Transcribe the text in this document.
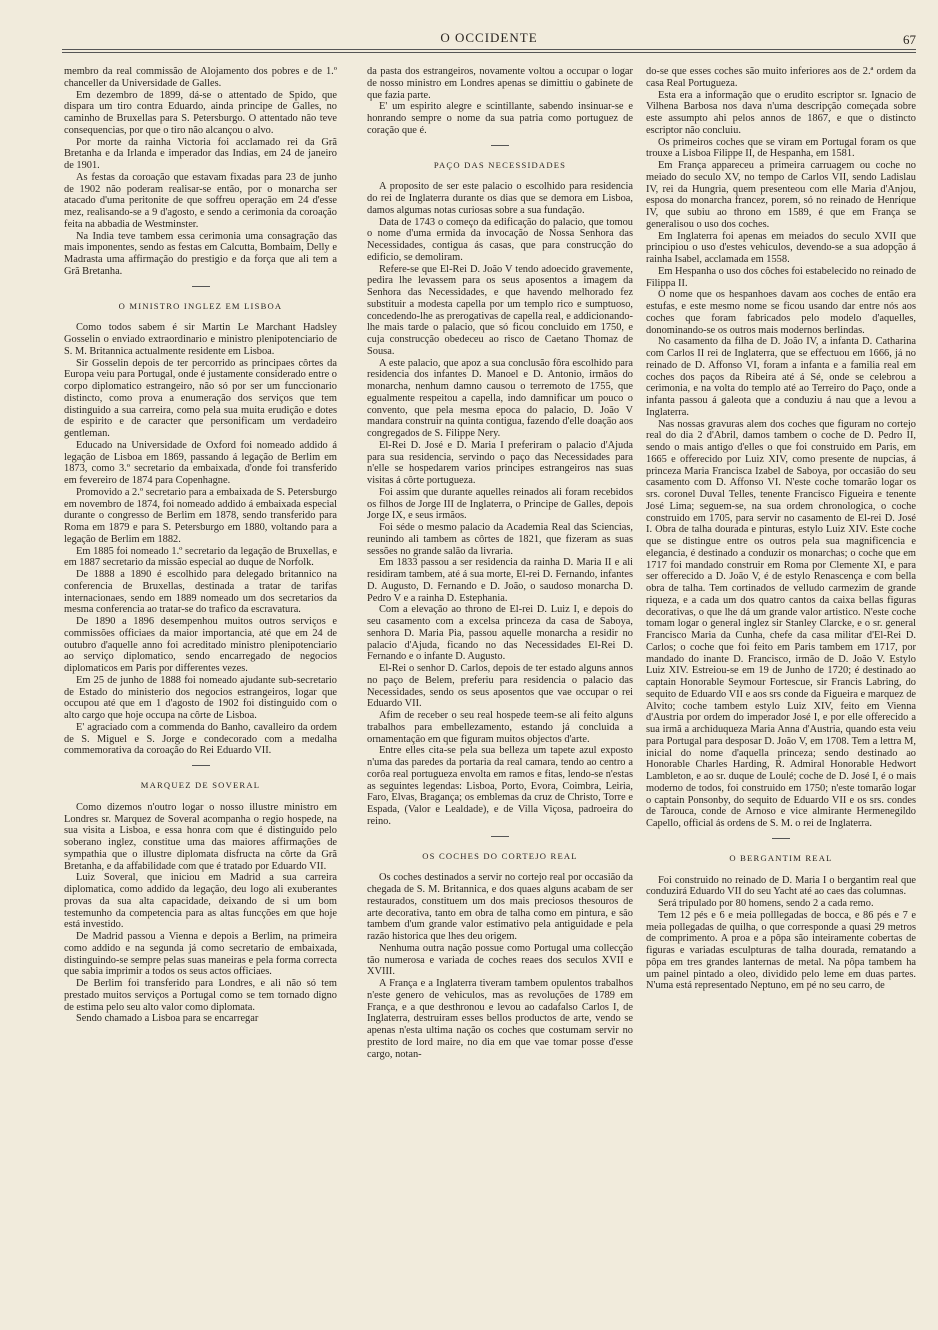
O OCCIDENTE	67

membro da real commissão de Alojamento dos pobres e de 1.º chanceller da Universidade de Galles.

Em dezembro de 1899, dá-se o attentado de Spido, que dispara um tiro contra Eduardo, ainda principe de Galles, no caminho de Bruxellas para S. Petersburgo. O attentado não teve consequencias, por que o tiro não alcançou o alvo.

Por morte da rainha Victoria foi acclamado rei da Grã Bretanha e da Irlanda e imperador das Indias, em 24 de janeiro de 1901.

As festas da coroação que estavam fixadas para 23 de junho de 1902 não poderam realisar-se então, por o monarcha ser atacado d'uma peritonite de que soffreu operação em 24 d'esse mez, realisando-se a 9 d'agosto, e sendo a cerimonia da coroação feita na abbadia de Westminster.

Na India teve tambem essa cerimonia uma consagração das mais imponentes, sendo as festas em Calcutta, Bombaim, Delly e Madrasta uma affirmação do prestigio e da força que ali tem a Grã Bretanha.

O MINISTRO INGLEZ EM LISBOA

Como todos sabem é sir Martin Le Marchant Hadsley Gosselin o enviado extraordinario e ministro plenipotenciario de S. M. Britannica actualmente residente em Lisboa.

Sir Gosselin depois de ter percorrido as principaes côrtes da Europa veiu para Portugal, onde é justamente considerado entre o corpo diplomatico estrangeiro, não só por ser um funccionario distincto, como prova a enumeração dos serviços que tem distinguido a sua carreira, como pela sua muita erudição e dotes de espirito e de caracter que personificam um verdadeiro gentleman.

Educado na Universidade de Oxford foi nomeado addido á legação de Lisboa em 1869, passando á legação de Berlim em 1873, como 3.º secretario da embaixada, d'onde foi transferido em fevereiro de 1874 para Copenhagne.

Promovido a 2.º secretario para a embaixada de S. Petersburgo em novembro de 1874, foi nomeado addido á embaixada especial durante o congresso de Berlim em 1878, sendo transferido para Roma em 1879 e para S. Petersburgo em 1880, voltando para a legação de Berlim em 1882.

Em 1885 foi nomeado 1.º secretario da legação de Bruxellas, e em 1887 secretario da missão especial ao duque de Norfolk.

De 1888 a 1890 é escolhido para delegado britannico na conferencia de Bruxellas, destinada a tratar de tarifas internacionaes, sendo em 1889 nomeado um dos secretarios da mesma conferencia ao tratar-se do trafico da escravatura.

De 1890 a 1896 desempenhou muitos outros serviços e commissões officiaes da maior importancia, até que em 24 de outubro d'aquelle anno foi acreditado ministro plenipotenciario ao serviço diplomatico, sendo encarregado de negocios diplomaticos em Paris por differentes vezes.

Em 25 de junho de 1888 foi nomeado ajudante sub-secretario de Estado do ministerio dos negocios estrangeiros, logar que occupou até que em 1 d'agosto de 1902 foi distinguido com o alto cargo que hoje occupa na côrte de Lisboa.

E' agraciado com a commenda do Banho, cavalleiro da ordem de S. Miguel e S. Jorge e condecorado com a medalha commemorativa da coroação do Rei Eduardo VII.

MARQUEZ DE SOVERAL

Como dizemos n'outro logar o nosso illustre ministro em Londres sr. Marquez de Soveral acompanha o regio hospede, na sua visita a Lisboa, e essa honra com que é distinguido pelo soberano inglez, constitue uma das maiores affirmações de sympathia que o illustre diplomata disfructa na côrte da Grã Bretanha, e da affabilidade com que é tratado por Eduardo VII.

Luiz Soveral, que iniciou em Madrid a sua carreira diplomatica, como addido da legação, deu logo ali exuberantes provas da sua alta capacidade, deixando de si um bom testemunho da competencia para as altas funcções em que hoje está investido.

De Madrid passou a Vienna e depois a Berlim, na primeira como addido e na segunda já como secretario de embaixada, distinguindo-se sempre pelas suas maneiras e pela forma correcta que sabia imprimir a todos os seus actos officiaes.

De Berlim foi transferido para Londres, e ali não só tem prestado muitos serviços a Portugal como se tem tornado digno de estima pelo seu alto valor como diplomata.

Sendo chamado a Lisboa para se encarregar

da pasta dos estrangeiros, novamente voltou a occupar o logar de nosso ministro em Londres apenas se dimittiu o gabinete de que fazia parte.

E' um espirito alegre e scintillante, sabendo insinuar-se e honrando sempre o nome da sua patria como portuguez de coração que é.

PAÇO DAS NECESSIDADES

A proposito de ser este palacio o escolhido para residencia do rei de Inglaterra durante os dias que se demora em Lisboa, damos algumas notas curiosas sobre a sua fundação.

Data de 1743 o começo da edificação do palacio, que tomou o nome d'uma ermida da invocação de Nossa Senhora das Necessidades, contigua ás casas, que para construcção do edificio, se demoliram.

Refere-se que El-Rei D. João V tendo adoecido gravemente, pedira lhe levassem para os seus aposentos a imagem da Senhora das Necessidades, e que havendo melhorado fez substituir a modesta capella por um templo rico e sumptuoso, concedendo-lhe as prerogativas de capella real, e addicionando-lhe mais tarde o palacio, que só ficou concluido em 1750, e cuja construcção obedeceu ao risco de Caetano Thomaz de Sousa.

A este palacio, que apoz a sua conclusão fôra escolhido para residencia dos infantes D. Manoel e D. Antonio, irmãos do monarcha, nenhum damno causou o terremoto de 1755, que egualmente respeitou a capella, indo damnificar um pouco o convento, que pela mesma epoca do palacio, D. João V mandara construir na quinta contigua, fazendo d'elle doação aos congregados de S. Filippe Nery.

El-Rei D. José e D. Maria I preferiram o palacio d'Ajuda para sua residencia, servindo o paço das Necessidades para n'elle se hospedarem varios principes estrangeiros nas suas visitas á côrte portugueza.

Foi assim que durante aquelles reinados ali foram recebidos os filhos de Jorge III de Inglaterra, o Principe de Galles, depois Jorge IX, e seus irmãos.

Foi séde o mesmo palacio da Academia Real das Sciencias, reunindo ali tambem as côrtes de 1821, que fizeram as suas sessões no grande salão da livraria.

Em 1833 passou a ser residencia da rainha D. Maria II e ali residiram tambem, até á sua morte, El-rei D. Fernando, infantes D. Augusto, D. Fernando e D. João, o saudoso monarcha D. Pedro V e a rainha D. Estephania.

Com a elevação ao throno de El-rei D. Luiz I, e depois do seu casamento com a excelsa princeza da casa de Saboya, senhora D. Maria Pia, passou aquelle monarcha a residir no palacio d'Ajuda, ficando no das Necessidades El-Rei D. Fernando e o infante D. Augusto.

El-Rei o senhor D. Carlos, depois de ter estado alguns annos no paço de Belem, preferiu para residencia o palacio das Necessidades, sendo os seus aposentos que vae occupar o rei Eduardo VII.

Afim de receber o seu real hospede teem-se ali feito alguns trabalhos para embellezamento, estando já concluida a ornamentação em que figuram muitos objectos d'arte.

Entre elles cita-se pela sua belleza um tapete azul exposto n'uma das paredes da portaria da real camara, tendo ao centro a corôa real portugueza envolta em ramos e fitas, lendo-se n'estas as seguintes legendas: Lisboa, Porto, Evora, Coimbra, Leiria, Faro, Elvas, Bragança; os emblemas da cruz de Christo, Torre e Espada, (Valor e Lealdade), e de Villa Viçosa, padroeira do reino.

OS COCHES DO CORTEJO REAL

Os coches destinados a servir no cortejo real por occasião da chegada de S. M. Britannica, e dos quaes alguns acabam de ser restaurados, constituem um dos mais preciosos thesouros de arte decorativa, tanto em obra de talha como em pintura, e são tambem d'um grande valor estimativo pela antiguidade e pela razão historica que lhes deu origem.

Nenhuma outra nação possue como Portugal uma collecção tão numerosa e variada de coches reaes dos seculos XVII e XVIII.

A França e a Inglaterra tiveram tambem opulentos trabalhos n'este genero de vehiculos, mas as revoluções de 1789 em França, e a que desthronou e levou ao cadafalso Carlos I, de Inglaterra, destruiram esses bellos productos de arte, vendo se apenas n'esta ultima nação os coches que costumam servir no prestito de lord maire, no dia em que vae tomar posse d'esse cargo, notan-

do-se que esses coches são muito inferiores aos de 2.ª ordem da casa Real Portugueza.

Esta era a informação que o erudito escriptor sr. Ignacio de Vilhena Barbosa nos dava n'uma descripção começada sobre este assumpto ahi pelos annos de 1867, e que o distincto escriptor não concluiu.

Os primeiros coches que se viram em Portugal foram os que trouxe a Lisboa Filippe II, de Hespanha, em 1581.

Em França appareceu a primeira carruagem ou coche no meiado do seculo XV, no tempo de Carlos VII, sendo Ladislau IV, rei da Hungria, quem presenteou com elle Maria d'Anjou, esposa do monarcha francez, porem, só no reinado de Henrique IV, que subiu ao throno em 1589, é que em França se generalisou o uso dos coches.

Em Inglaterra foi apenas em meiados do seculo XVII que principiou o uso d'estes vehiculos, devendo-se a sua adopção á rainha Isabel, acclamada em 1558.

Em Hespanha o uso dos côches foi estabelecido no reinado de Filippa II.

O nome que os hespanhoes davam aos coches de então era estufas, e este mesmo nome se ficou usando dar entre nós aos coches que foram fabricados pelo modelo d'aquelles, donominando-se os outros mais modernos berlindas.

No casamento da filha de D. João IV, a infanta D. Catharina com Carlos II rei de Inglaterra, que se effectuou em 1666, já no reinado de D. Affonso VI, foram a infanta e a familia real em coches dos paços da Ribeira até á Sé, onde se celebrou a cerimonia, e na volta do templo até ao Terreiro do Paço, onde a infanta passou á galeota que a conduziu á nau que a levou a Inglaterra.

Nas nossas gravuras alem dos coches que figuram no cortejo real do dia 2 d'Abril, damos tambem o coche de D. Pedro II, sendo o mais antigo d'elles o que foi construido em Paris, em 1665 e offerecido por Luiz XIV, como presente de nupcias, á princeza Maria Francisca Izabel de Saboya, por occasião do seu casamento com D. Affonso VI. N'este coche tomarão logar os srs. coronel Duval Telles, tenente Francisco Figueira e tenente José Lima; seguem-se, na sua ordem chronologica, o coche construido em 1705, para servir no casamento de El-rei D. José I. Obra de talha dourada e pinturas, estylo Luiz XIV. Este coche que se distingue entre os outros pela sua magnificencia e elegancia, é destinado a conduzir os monarchas; o coche que em 1717 foi mandado construir em Roma por Clemente XI, e para ser offerecido a D. João V, é de estylo Renascença e com bella obra de talha. Tem cortinados de velludo carmezim de grande riqueza, e a cada um dos quatro cantos da caixa bellas figuras decorativas, o que lhe dá um grande valor artistico. N'este coche tomam logar o general inglez sir Stanley Clarcke, e o sr. general Francisco Maria da Cunha, chefe da casa militar d'El-Rei D. Carlos; o coche que foi feito em Paris tambem em 1717, por mandado do inante D. Francisco, irmão de D. João V. Estylo Luiz XIV. Estreiou-se em 19 de Junho de 1720; é destinado ao captain Honorable Seymour Fortescue, sir Francis Labring, do sequito de Eduardo VII e aos srs conde da Figueira e marquez de Alvito; coche tambem estylo Luiz XIV, feito em Vienna d'Austria por ordem do imperador José I, e por elle offerecido a sua irmã a archiduqueza Maria Anna d'Austria, quando esta veiu para Portugal para desposar D. João V, em 1708. Tem a lettra M, inicial do nome d'aquella princeza; sendo destinado ao Honorable Charles Harding, R. Admiral Honorable Hedwort Lambleton, e ao sr. duque de Loulé; coche de D. José I, é o mais moderno de todos, foi construido em 1750; n'este tomarão logar o captain Ponsonby, do sequito de Eduardo VII e os srs. condes de Tarouca, conde de Arnoso e vice almirante Hermenegildo Capello, official ás ordens de S. M. o rei de Inglaterra.

O BERGANTIM REAL

Foi construido no reinado de D. Maria I o bergantim real que conduzirá Eduardo VII do seu Yacht até ao caes das columnas.

Será tripulado por 80 homens, sendo 2 a cada remo.

Tem 12 pés e 6 e meia polllegadas de bocca, e 86 pés e 7 e meia pollegadas de quilha, o que corresponde a quasi 29 metros de comprimento. A proa e a pôpa são inteiramente cobertas de figuras e variadas esculpturas de talha dourada, rematando a pôpa em tres grandes lanternas de metal. Na pôpa tambem ha um painel pintado a oleo, dividido pelo leme em duas partes. N'uma está representado Neptuno, em pé no seu carro, de
